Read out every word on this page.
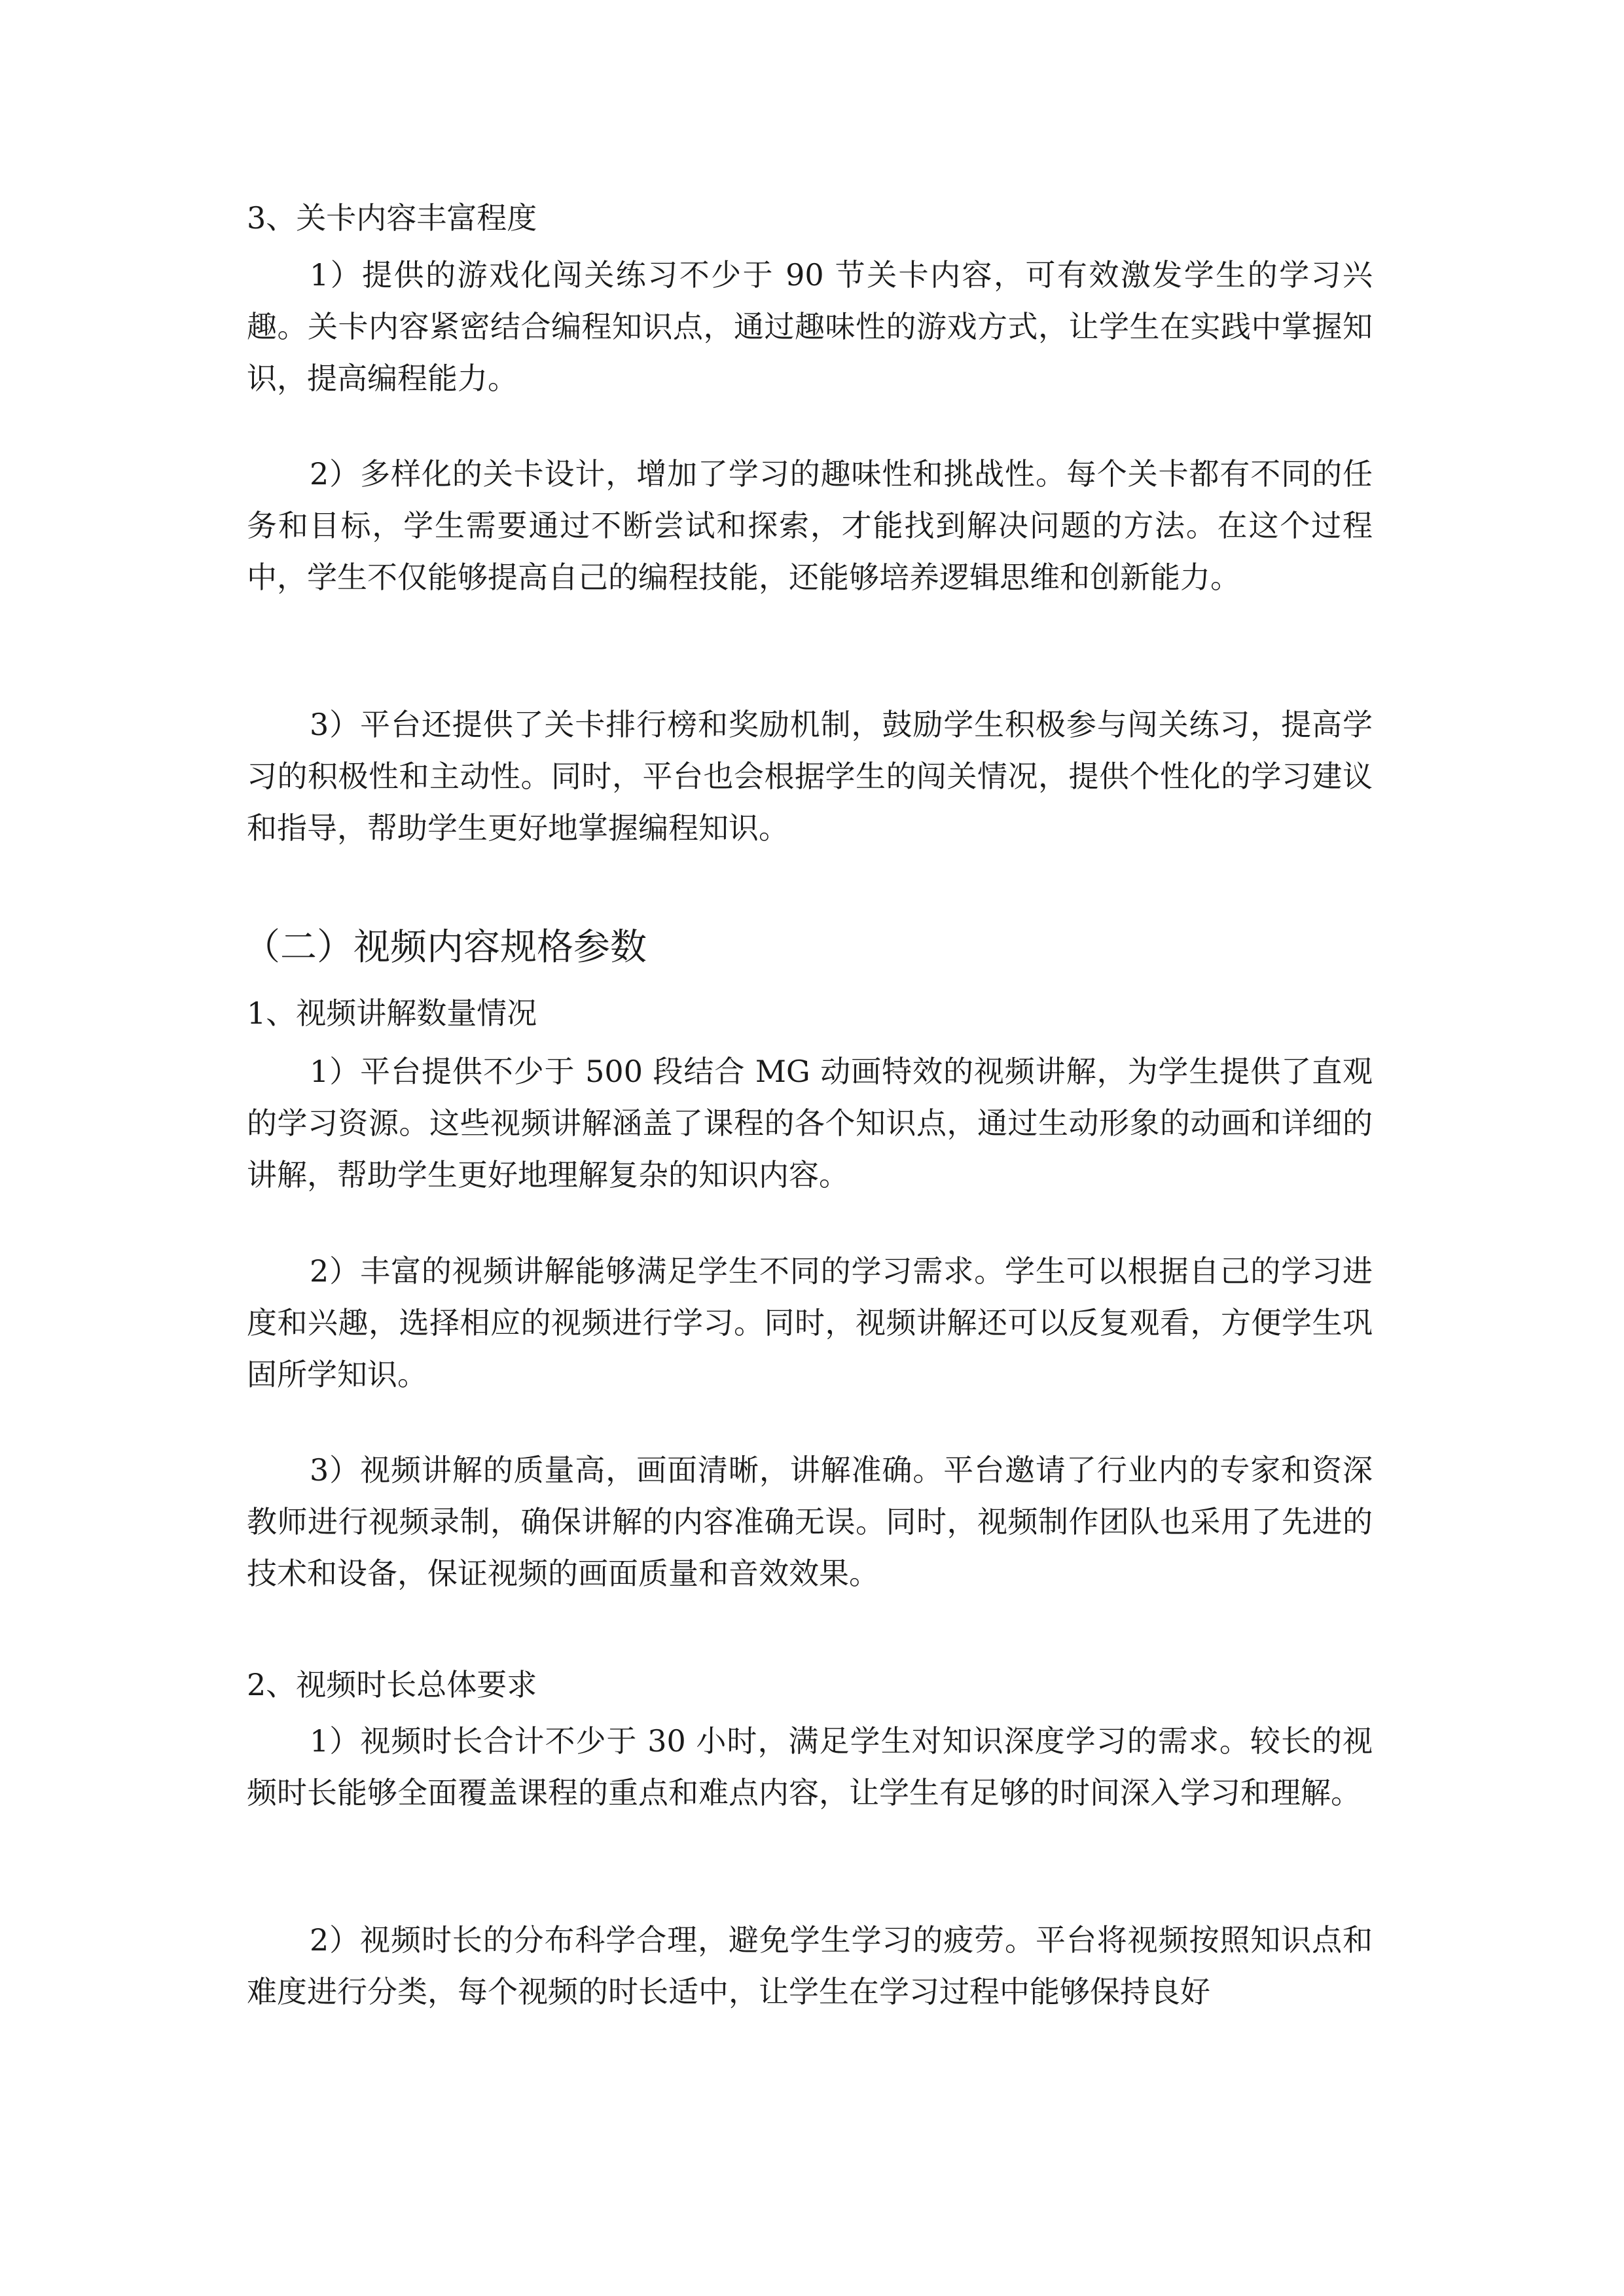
3、关卡内容丰富程度

1）提供的游戏化闯关练习不少于 90 节关卡内容，可有效激发学生的学习兴趣。关卡内容紧密结合编程知识点，通过趣味性的游戏方式，让学生在实践中掌握知识，提高编程能力。

2）多样化的关卡设计，增加了学习的趣味性和挑战性。每个关卡都有不同的任务和目标，学生需要通过不断尝试和探索，才能找到解决问题的方法。在这个过程中，学生不仅能够提高自己的编程技能，还能够培养逻辑思维和创新能力。

3）平台还提供了关卡排行榜和奖励机制，鼓励学生积极参与闯关练习，提高学习的积极性和主动性。同时，平台也会根据学生的闯关情况，提供个性化的学习建议和指导，帮助学生更好地掌握编程知识。

（二）视频内容规格参数

1、视频讲解数量情况

1）平台提供不少于 500 段结合 MG 动画特效的视频讲解，为学生提供了直观的学习资源。这些视频讲解涵盖了课程的各个知识点，通过生动形象的动画和详细的讲解，帮助学生更好地理解复杂的知识内容。

2）丰富的视频讲解能够满足学生不同的学习需求。学生可以根据自己的学习进度和兴趣，选择相应的视频进行学习。同时，视频讲解还可以反复观看，方便学生巩固所学知识。

3）视频讲解的质量高，画面清晰，讲解准确。平台邀请了行业内的专家和资深教师进行视频录制，确保讲解的内容准确无误。同时，视频制作团队也采用了先进的技术和设备，保证视频的画面质量和音效效果。

2、视频时长总体要求

1）视频时长合计不少于 30 小时，满足学生对知识深度学习的需求。较长的视频时长能够全面覆盖课程的重点和难点内容，让学生有足够的时间深入学习和理解。

2）视频时长的分布科学合理，避免学生学习的疲劳。平台将视频按照知识点和难度进行分类，每个视频的时长适中，让学生在学习过程中能够保持良好
